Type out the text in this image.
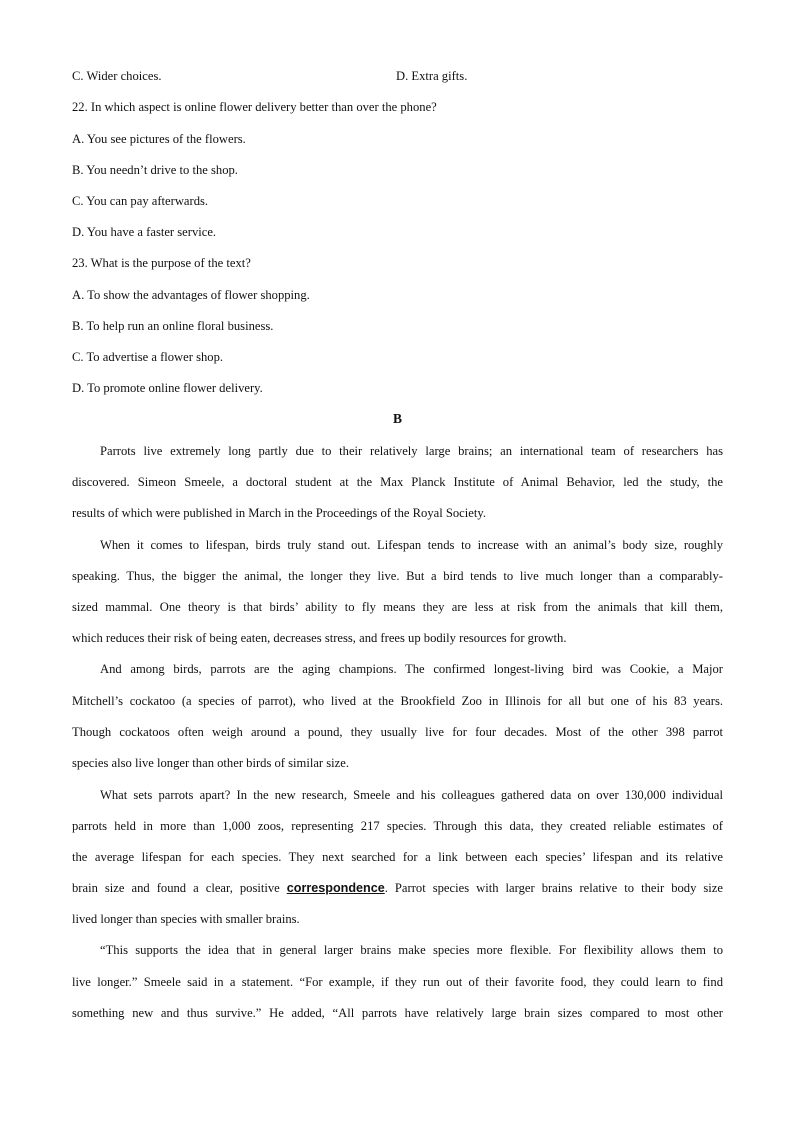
C. Wider choices.	D. Extra gifts.
22. In which aspect is online flower delivery better than over the phone?
A. You see pictures of the flowers.
B. You needn’t drive to the shop.
C. You can pay afterwards.
D. You have a faster service.
23. What is the purpose of the text?
A. To show the advantages of flower shopping.
B. To help run an online floral business.
C. To advertise a flower shop.
D. To promote online flower delivery.
B
Parrots live extremely long partly due to their relatively large brains; an international team of researchers has
discovered. Simeon Smeele, a doctoral student at the Max Planck Institute of Animal Behavior, led the study, the
results of which were published in March in the Proceedings of the Royal Society.
When it comes to lifespan, birds truly stand out. Lifespan tends to increase with an animal’s body size, roughly
speaking. Thus, the bigger the animal, the longer they live. But a bird tends to live much longer than a comparably-
sized mammal. One theory is that birds’ ability to fly means they are less at risk from the animals that kill them,
which reduces their risk of being eaten, decreases stress, and frees up bodily resources for growth.
And among birds, parrots are the aging champions. The confirmed longest-living bird was Cookie, a Major
Mitchell’s cockatoo (a species of parrot), who lived at the Brookfield Zoo in Illinois for all but one of his 83 years.
Though cockatoos often weigh around a pound, they usually live for four decades. Most of the other 398 parrot
species also live longer than other birds of similar size.
What sets parrots apart? In the new research, Smeele and his colleagues gathered data on over 130,000 individual
parrots held in more than 1,000 zoos, representing 217 species. Through this data, they created reliable estimates of
the average lifespan for each species. They next searched for a link between each species’ lifespan and its relative
brain size and found a clear, positive correspondence. Parrot species with larger brains relative to their body size
lived longer than species with smaller brains.
“This supports the idea that in general larger brains make species more flexible. For flexibility allows them to
live longer.” Smeele said in a statement. “For example, if they run out of their favorite food, they could learn to find
something new and thus survive.” He added, “All parrots have relatively large brain sizes compared to most other
